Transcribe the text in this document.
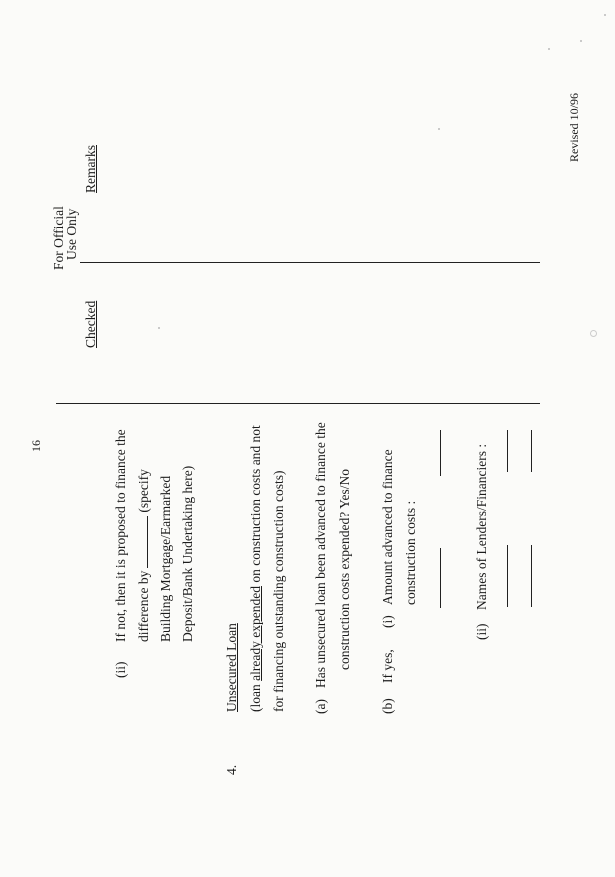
16
(ii)
If not, then it is proposed to finance the difference by(specify Building Mortgage/Earmarked Deposit/Bank Undertaking here)
4.
Unsecured Loan (loan already expended on construction costs and not for financing outstanding construction costs) (a)
Has unsecured loan been advanced to finance the construction costs expended? Yes/No
(b)
If yes,
(i)
Amount advanced to finance construction costs :
(ii)
Names of Lenders/Financiers :
Checked
For Official
Use Only
Remarks
Revised 10/96
